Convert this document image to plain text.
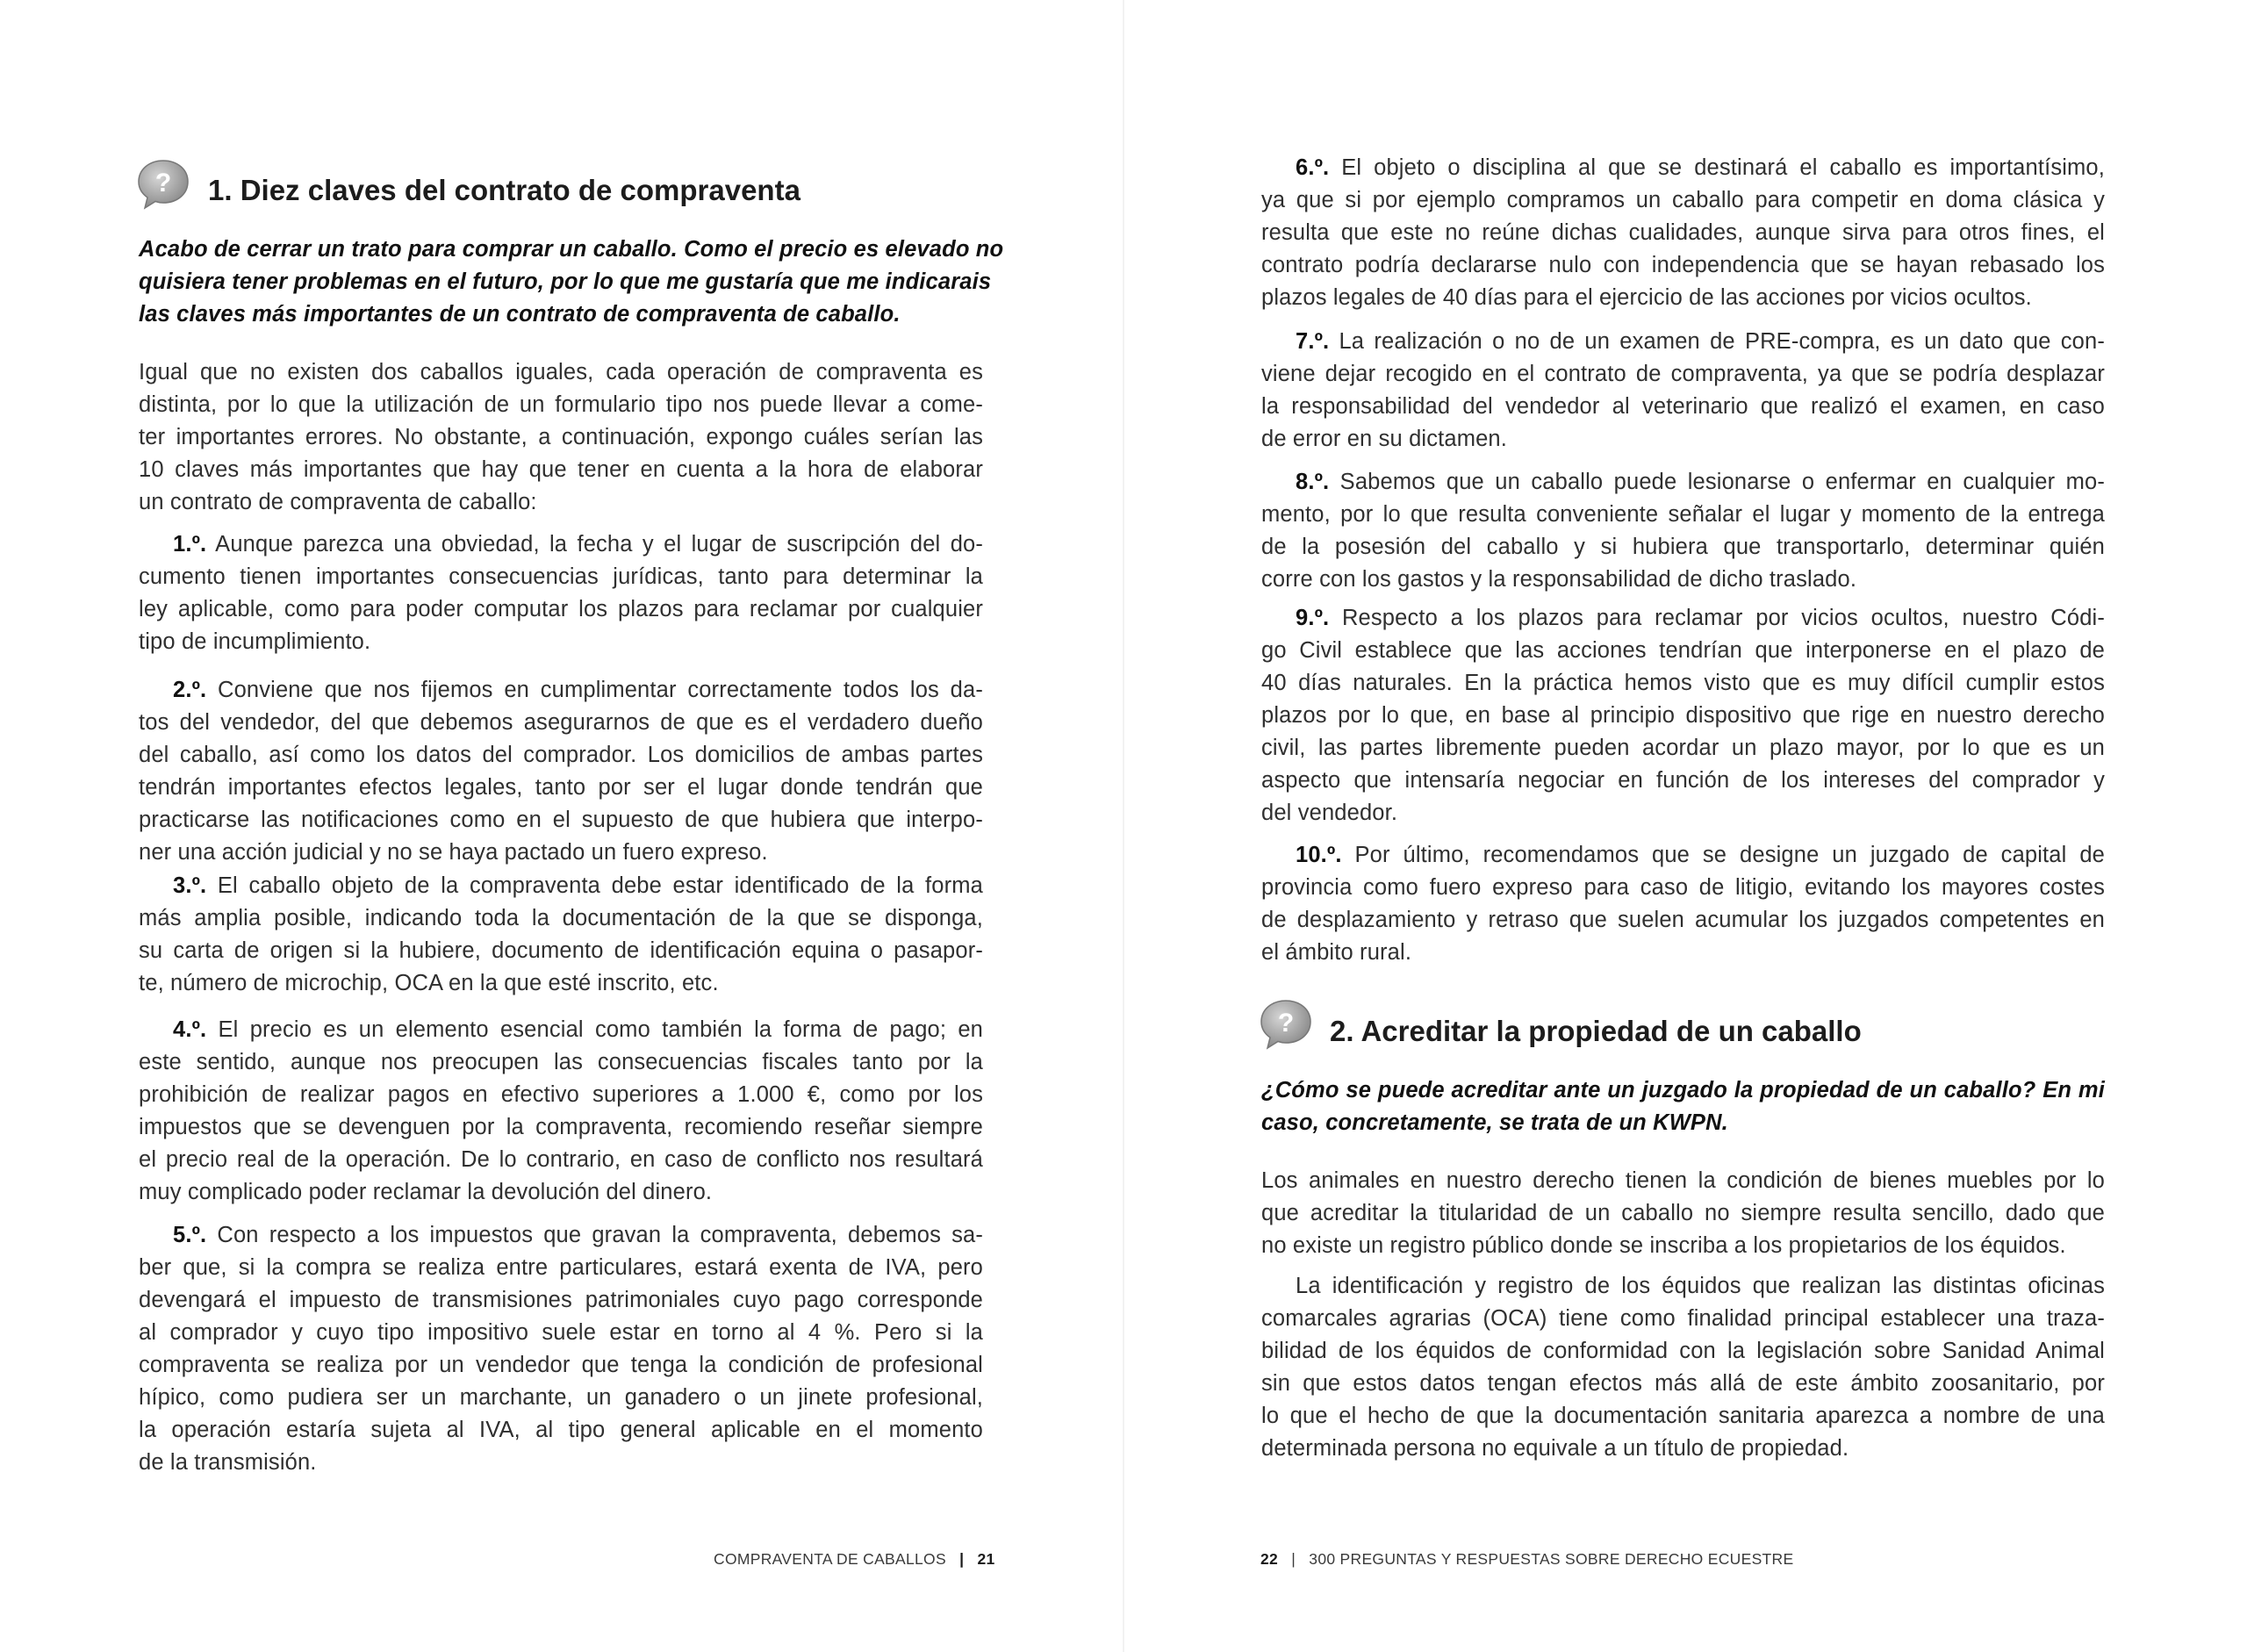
? 1. Diez claves del contrato de compraventa
Acabo de cerrar un trato para comprar un caballo. Como el precio es elevado no
quisiera tener problemas en el futuro, por lo que me gustaría que me indicarais
las claves más importantes de un contrato de compraventa de caballo.
Igual que no existen dos caballos iguales, cada operación de compraventa es
distinta, por lo que la utilización de un formulario tipo nos puede llevar a come-
ter importantes errores. No obstante, a continuación, expongo cuáles serían las
10 claves más importantes que hay que tener en cuenta a la hora de elaborar
un contrato de compraventa de caballo:
1.º. Aunque parezca una obviedad, la fecha y el lugar de suscripción del do-
cumento tienen importantes consecuencias jurídicas, tanto para determinar la
ley aplicable, como para poder computar los plazos para reclamar por cualquier
tipo de incumplimiento.
2.º. Conviene que nos fijemos en cumplimentar correctamente todos los da-
tos del vendedor, del que debemos asegurarnos de que es el verdadero dueño
del caballo, así como los datos del comprador. Los domicilios de ambas partes
tendrán importantes efectos legales, tanto por ser el lugar donde tendrán que
practicarse las notificaciones como en el supuesto de que hubiera que interpo-
ner una acción judicial y no se haya pactado un fuero expreso.
3.º. El caballo objeto de la compraventa debe estar identificado de la forma
más amplia posible, indicando toda la documentación de la que se disponga,
su carta de origen si la hubiere, documento de identificación equina o pasapor-
te, número de microchip, OCA en la que esté inscrito, etc.
4.º. El precio es un elemento esencial como también la forma de pago; en
este sentido, aunque nos preocupen las consecuencias fiscales tanto por la
prohibición de realizar pagos en efectivo superiores a 1.000 €, como por los
impuestos que se devenguen por la compraventa, recomiendo reseñar siempre
el precio real de la operación. De lo contrario, en caso de conflicto nos resultará
muy complicado poder reclamar la devolución del dinero.
5.º. Con respecto a los impuestos que gravan la compraventa, debemos sa-
ber que, si la compra se realiza entre particulares, estará exenta de IVA, pero
devengará el impuesto de transmisiones patrimoniales cuyo pago corresponde
al comprador y cuyo tipo impositivo suele estar en torno al 4 %. Pero si la
compraventa se realiza por un vendedor que tenga la condición de profesional
hípico, como pudiera ser un marchante, un ganadero o un jinete profesional,
la operación estaría sujeta al IVA, al tipo general aplicable en el momento
de la transmisión.
COMPRAVENTA DE CABALLOS | 21
6.º. El objeto o disciplina al que se destinará el caballo es importantísimo,
ya que si por ejemplo compramos un caballo para competir en doma clásica y
resulta que este no reúne dichas cualidades, aunque sirva para otros fines, el
contrato podría declararse nulo con independencia que se hayan rebasado los
plazos legales de 40 días para el ejercicio de las acciones por vicios ocultos.
7.º. La realización o no de un examen de PRE-compra, es un dato que con-
viene dejar recogido en el contrato de compraventa, ya que se podría desplazar
la responsabilidad del vendedor al veterinario que realizó el examen, en caso
de error en su dictamen.
8.º. Sabemos que un caballo puede lesionarse o enfermar en cualquier mo-
mento, por lo que resulta conveniente señalar el lugar y momento de la entrega
de la posesión del caballo y si hubiera que transportarlo, determinar quién
corre con los gastos y la responsabilidad de dicho traslado.
9.º. Respecto a los plazos para reclamar por vicios ocultos, nuestro Códi-
go Civil establece que las acciones tendrían que interponerse en el plazo de
40 días naturales. En la práctica hemos visto que es muy difícil cumplir estos
plazos por lo que, en base al principio dispositivo que rige en nuestro derecho
civil, las partes libremente pueden acordar un plazo mayor, por lo que es un
aspecto que intensaría negociar en función de los intereses del comprador y
del vendedor.
10.º. Por último, recomendamos que se designe un juzgado de capital de
provincia como fuero expreso para caso de litigio, evitando los mayores costes
de desplazamiento y retraso que suelen acumular los juzgados competentes en
el ámbito rural.
¿Cómo se puede acreditar ante un juzgado la propiedad de un caballo? En mi
caso, concretamente, se trata de un KWPN.
Los animales en nuestro derecho tienen la condición de bienes muebles por lo
que acreditar la titularidad de un caballo no siempre resulta sencillo, dado que
no existe un registro público donde se inscriba a los propietarios de los équidos.
La identificación y registro de los équidos que realizan las distintas oficinas
comarcales agrarias (OCA) tiene como finalidad principal establecer una traza-
bilidad de los équidos de conformidad con la legislación sobre Sanidad Animal
sin que estos datos tengan efectos más allá de este ámbito zoosanitario, por
lo que el hecho de que la documentación sanitaria aparezca a nombre de una
determinada persona no equivale a un título de propiedad.
? 2. Acreditar la propiedad de un caballo
22 | 300 PREGUNTAS Y RESPUESTAS SOBRE DERECHO ECUESTRE
